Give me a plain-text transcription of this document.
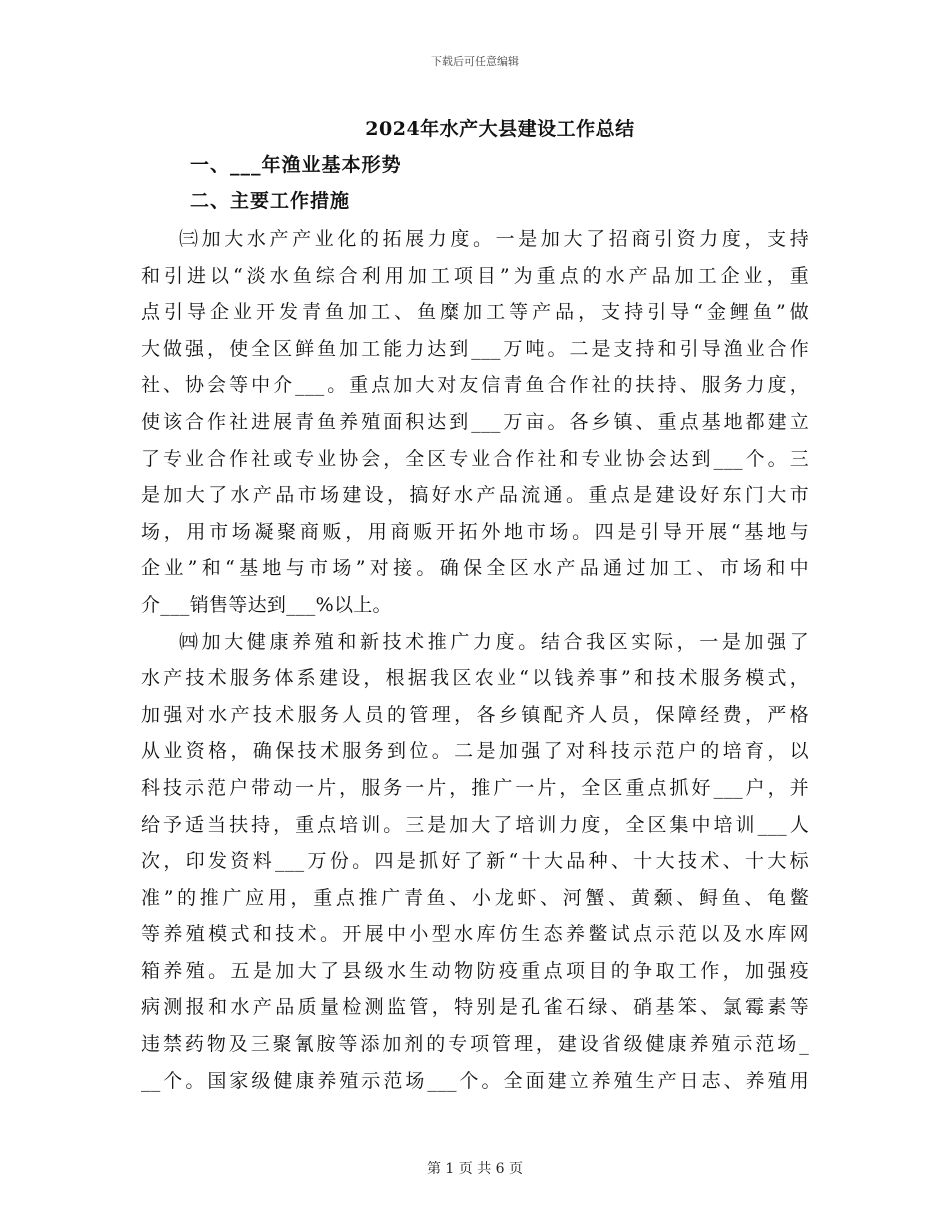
下载后可任意编辑
2024年水产大县建设工作总结
一、___年渔业基本形势
二、主要工作措施
㈢加大水产产业化的拓展力度。一是加大了招商引资力度，支持
和引进以“淡水鱼综合利用加工项目”为重点的水产品加工企业，重
点引导企业开发青鱼加工、鱼糜加工等产品，支持引导“金鲤鱼”做
大做强，使全区鲜鱼加工能力达到___万吨。二是支持和引导渔业合作
社、协会等中介___。重点加大对友信青鱼合作社的扶持、服务力度，
使该合作社进展青鱼养殖面积达到___万亩。各乡镇、重点基地都建立
了专业合作社或专业协会，全区专业合作社和专业协会达到___个。三
是加大了水产品市场建设，搞好水产品流通。重点是建设好东门大市
场，用市场凝聚商贩，用商贩开拓外地市场。四是引导开展“基地与
企业”和“基地与市场”对接。确保全区水产品通过加工、市场和中
介___销售等达到___%以上。
㈣加大健康养殖和新技术推广力度。结合我区实际，一是加强了
水产技术服务体系建设，根据我区农业“以钱养事”和技术服务模式，
加强对水产技术服务人员的管理，各乡镇配齐人员，保障经费，严格
从业资格，确保技术服务到位。二是加强了对科技示范户的培育，以
科技示范户带动一片，服务一片，推广一片，全区重点抓好___户，并
给予适当扶持，重点培训。三是加大了培训力度，全区集中培训___人
次，印发资料___万份。四是抓好了新“十大品种、十大技术、十大标
准”的推广应用，重点推广青鱼、小龙虾、河蟹、黄颡、鲟鱼、龟鳖
等养殖模式和技术。开展中小型水库仿生态养鳖试点示范以及水库网
箱养殖。五是加大了县级水生动物防疫重点项目的争取工作，加强疫
病测报和水产品质量检测监管，特别是孔雀石绿、硝基笨、氯霉素等
违禁药物及三聚氰胺等添加剂的专项管理，建设省级健康养殖示范场_
__个。国家级健康养殖示范场___个。全面建立养殖生产日志、养殖用
第 1 页 共 6 页
